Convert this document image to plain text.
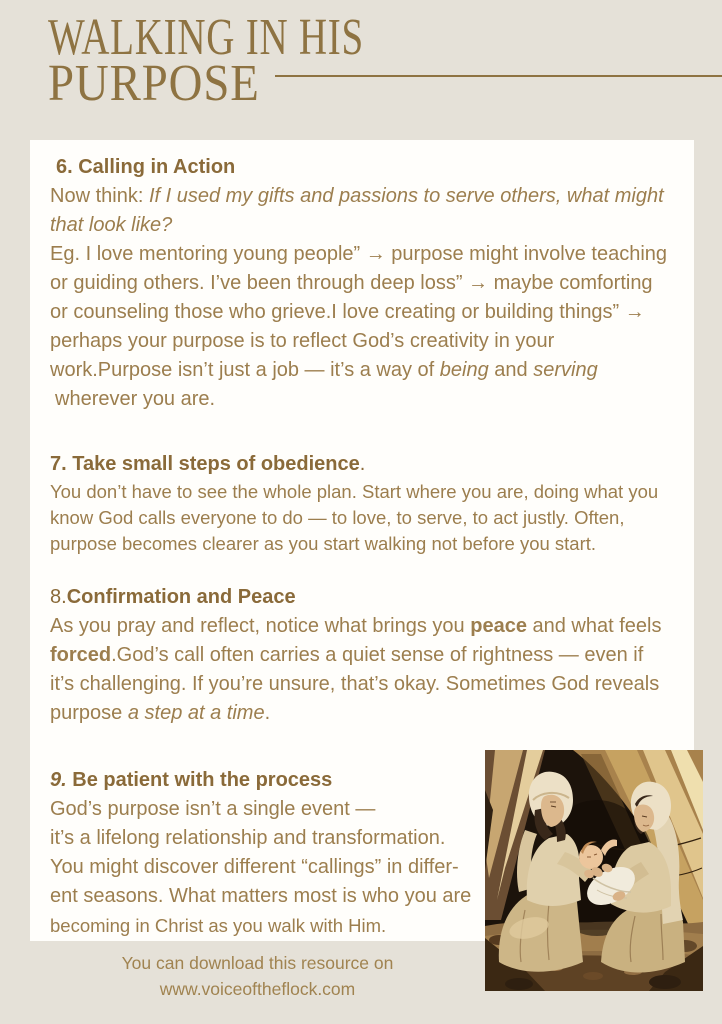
WALKING IN HIS
PURPOSE
6. Calling in Action

Now think: If I used my gifts and passions to serve others, what might that look like?

Eg. I love mentoring young people” → purpose might involve teaching or guiding others. I’ve been through deep loss” → maybe comforting or counseling those who grieve.I love creating or building things” → perhaps your purpose is to reflect God’s creativity in your work.Purpose isn’t just a job — it’s a way of being and serving
wherever you are.

7. Take small steps of obedience.

You don’t have to see the whole plan. Start where you are, doing what you know God calls everyone to do — to love, to serve, to act justly. Often, purpose becomes clearer as you start walking not before you start.

8.Confirmation and Peace

As you pray and reflect, notice what brings you peace and what feels forced.God’s call often carries a quiet sense of rightness — even if it’s challenging. If you’re unsure, that’s okay. Sometimes God reveals purpose a step at a time.

9. Be patient with the process

God’s purpose isn’t a single event —
it’s a lifelong relationship and transformation.
You might discover different “callings” in differ-
ent seasons. What matters most is who you are
becoming in Christ as you walk with Him.

You can download this resource on
www.voiceoftheflock.com
